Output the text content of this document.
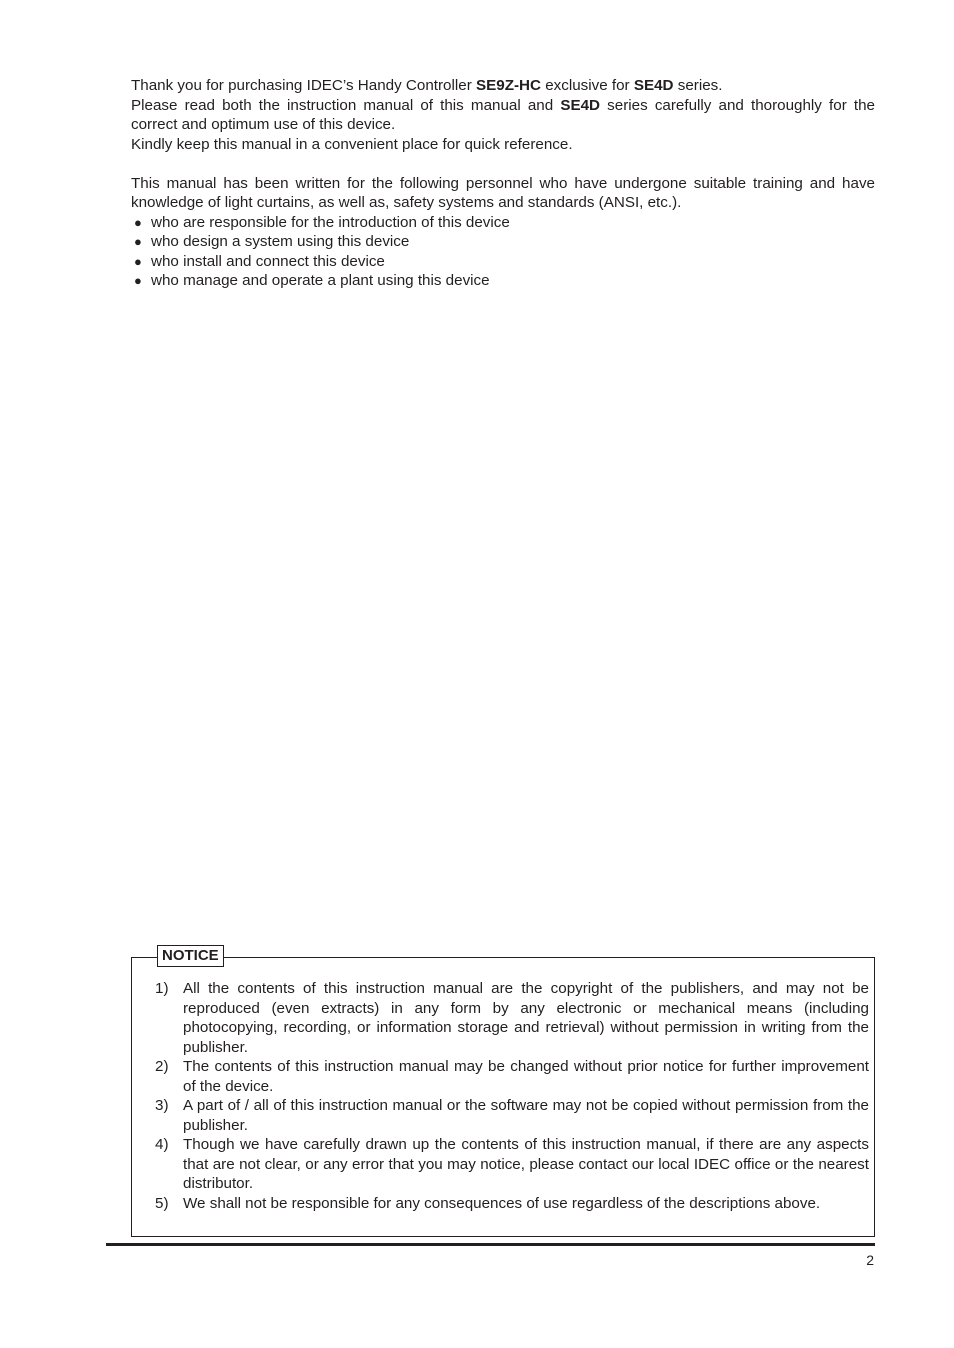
Thank you for purchasing IDEC’s Handy Controller SE9Z-HC exclusive for SE4D series.

Please read both the instruction manual of this manual and SE4D series carefully and thoroughly for the correct and optimum use of this device.

Kindly keep this manual in a convenient place for quick reference.

This manual has been written for the following personnel who have undergone suitable training and have knowledge of light curtains, as well as, safety systems and standards (ANSI, etc.).

● who are responsible for the introduction of this device
● who design a system using this device
● who install and connect this device
● who manage and operate a plant using this device
NOTICE
1) All the contents of this instruction manual are the copyright of the publishers, and may not be reproduced (even extracts) in any form by any electronic or mechanical means (including photocopying, recording, or information storage and retrieval) without permission in writing from the publisher.
2) The contents of this instruction manual may be changed without prior notice for further improvement of the device.
3) A part of / all of this instruction manual or the software may not be copied without permission from the publisher.
4) Though we have carefully drawn up the contents of this instruction manual, if there are any aspects that are not clear, or any error that you may notice, please contact our local IDEC office or the nearest distributor.
5) We shall not be responsible for any consequences of use regardless of the descriptions above.
2
